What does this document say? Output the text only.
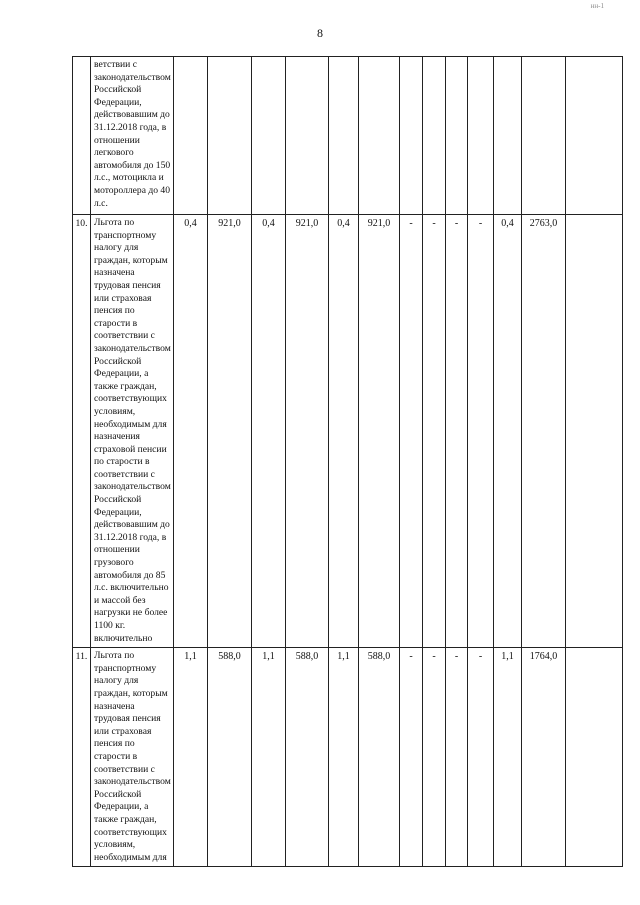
нн‑1
8
	ветствии с законодательством Российской Федерации, действовавшим до 31.12.2018 года, в отношении легкового автомобиля до 150 л.с., мотоцикла и мотороллера до 40 л.с.													
10.	Льгота по транспортному налогу для граждан, которым назначена трудовая пенсия или страховая пенсия по старости в соответствии с законодательством Российской Федерации, а также граждан, соответствующих условиям, необходимым для назначения страховой пенсии по старости в соответствии с законодательством Российской Федерации, действовавшим до 31.12.2018 года, в отношении грузового автомобиля до 85 л.с. включительно и массой без нагрузки не более 1100 кг. включительно	0,4	921,0	0,4	921,0	0,4	921,0	-	-	-	-	0,4	2763,0	
11.	Льгота по транспортному налогу для граждан, которым назначена трудовая пенсия или страховая пенсия по старости в соответствии с законодательством Российской Федерации, а также граждан, соответствующих условиям, необходимым для	1,1	588,0	1,1	588,0	1,1	588,0	-	-	-	-	1,1	1764,0	
